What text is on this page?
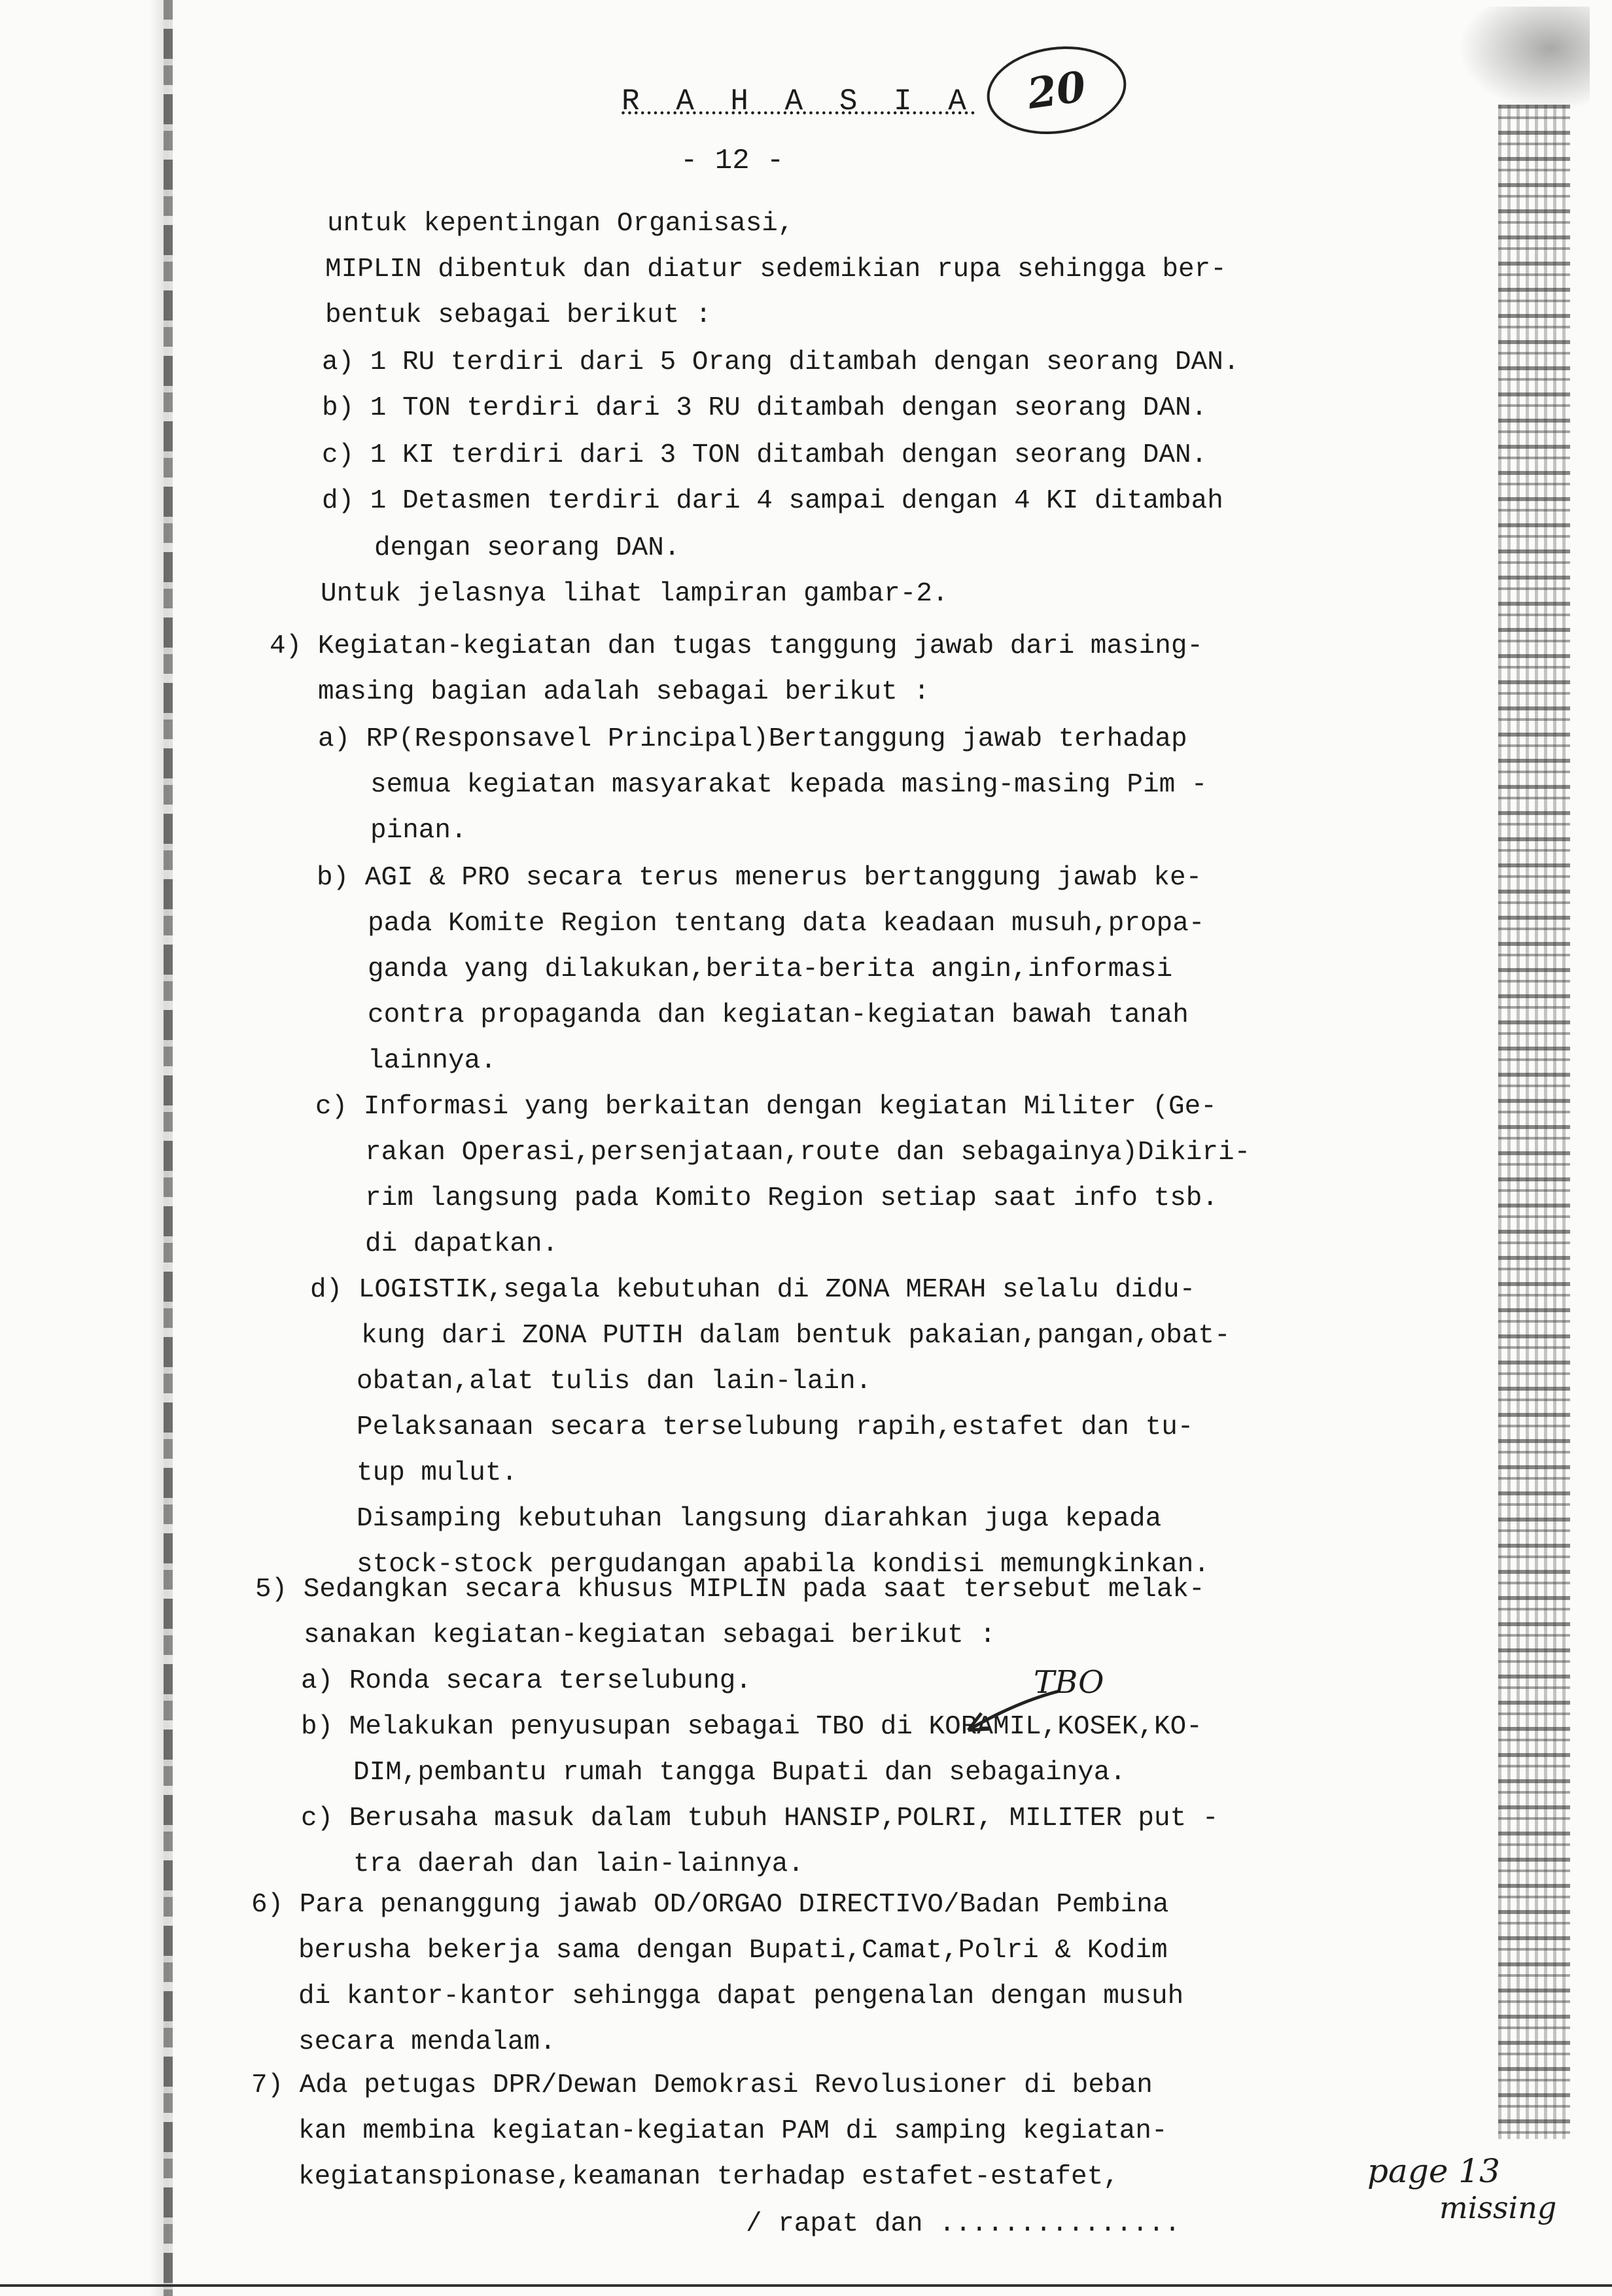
R A H A S I A 20
- 12 -
untuk kepentingan Organisasi,
MIPLIN dibentuk dan diatur sedemikian rupa sehingga ber-
bentuk sebagai berikut :
a) 1 RU terdiri dari 5 Orang ditambah dengan seorang DAN.
b) 1 TON terdiri dari 3 RU ditambah dengan seorang DAN.
c) 1 KI terdiri dari 3 TON ditambah dengan seorang DAN.
d) 1 Detasmen terdiri dari 4 sampai dengan 4 KI ditambah
dengan seorang DAN.
Untuk jelasnya lihat lampiran gambar-2.
4) Kegiatan-kegiatan dan tugas tanggung jawab dari masing-
masing bagian adalah sebagai berikut :
a) RP(Responsavel Principal)Bertanggung jawab terhadap
semua kegiatan masyarakat kepada masing-masing Pim -
pinan.
b) AGI & PRO secara terus menerus bertanggung jawab ke-
pada Komite Region tentang data keadaan musuh,propa-
ganda yang dilakukan,berita-berita angin,informasi
contra propaganda dan kegiatan-kegiatan bawah tanah
lainnya.
c) Informasi yang berkaitan dengan kegiatan Militer (Ge-
rakan Operasi,persenjataan,route dan sebagainya)Dikiri-
rim langsung pada Komito Region setiap saat info tsb.
di dapatkan.
d) LOGISTIK,segala kebutuhan di ZONA MERAH selalu didu-
kung dari ZONA PUTIH dalam bentuk pakaian,pangan,obat-
obatan,alat tulis dan lain-lain.
Pelaksanaan secara terselubung rapih,estafet dan tu-
tup mulut.
Disamping kebutuhan langsung diarahkan juga kepada
stock-stock pergudangan apabila kondisi memungkinkan.
5) Sedangkan secara khusus MIPLIN pada saat tersebut melak-
sanakan kegiatan-kegiatan sebagai berikut :
a) Ronda secara terselubung.
b) Melakukan penyusupan sebagai TBO di KORAMIL,KOSEK,KO-
DIM,pembantu rumah tangga Bupati dan sebagainya.
c) Berusaha masuk dalam tubuh HANSIP,POLRI, MILITER put -
tra daerah dan lain-lainnya.
6) Para penanggung jawab OD/ORGAO DIRECTIVO/Badan Pembina
berusha bekerja sama dengan Bupati,Camat,Polri & Kodim
di kantor-kantor sehingga dapat pengenalan dengan musuh
secara mendalam.
7) Ada petugas DPR/Dewan Demokrasi Revolusioner di beban
kan membina kegiatan-kegiatan PAM di samping kegiatan-
kegiatanspionase,keamanan terhadap estafet-estafet,
/ rapat dan ...............
TBO
page 13
missing
